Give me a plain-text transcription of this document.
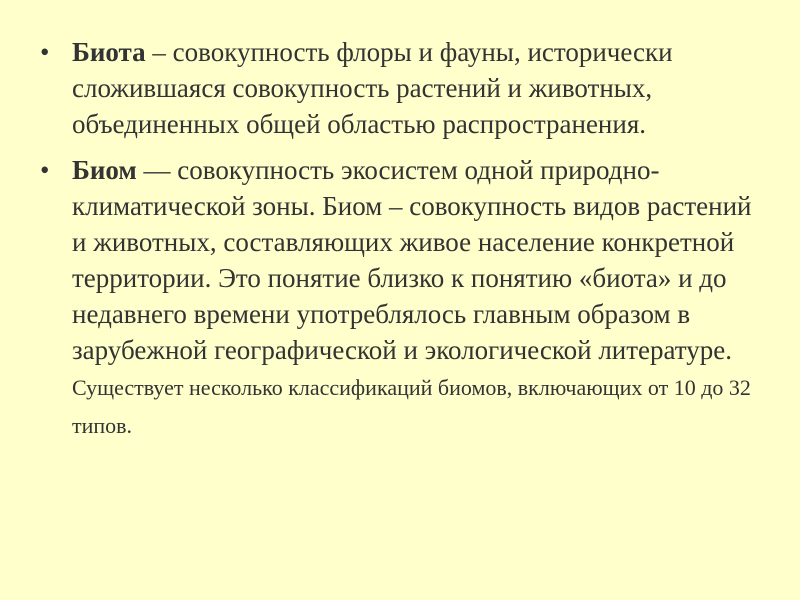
• Биота – совокупность флоры и фауны, исторически сложившаяся совокупность растений и животных, объединенных общей областью распространения.
• Биом — совокупность экосистем одной природно-климатической зоны. Биом – совокупность видов растений и животных, составляющих живое население конкретной территории. Это понятие близко к понятию «биота» и до недавнего времени употреблялось главным образом в зарубежной географической и экологической литературе. Существует несколько классификаций биомов, включающих от 10 до 32 типов.
